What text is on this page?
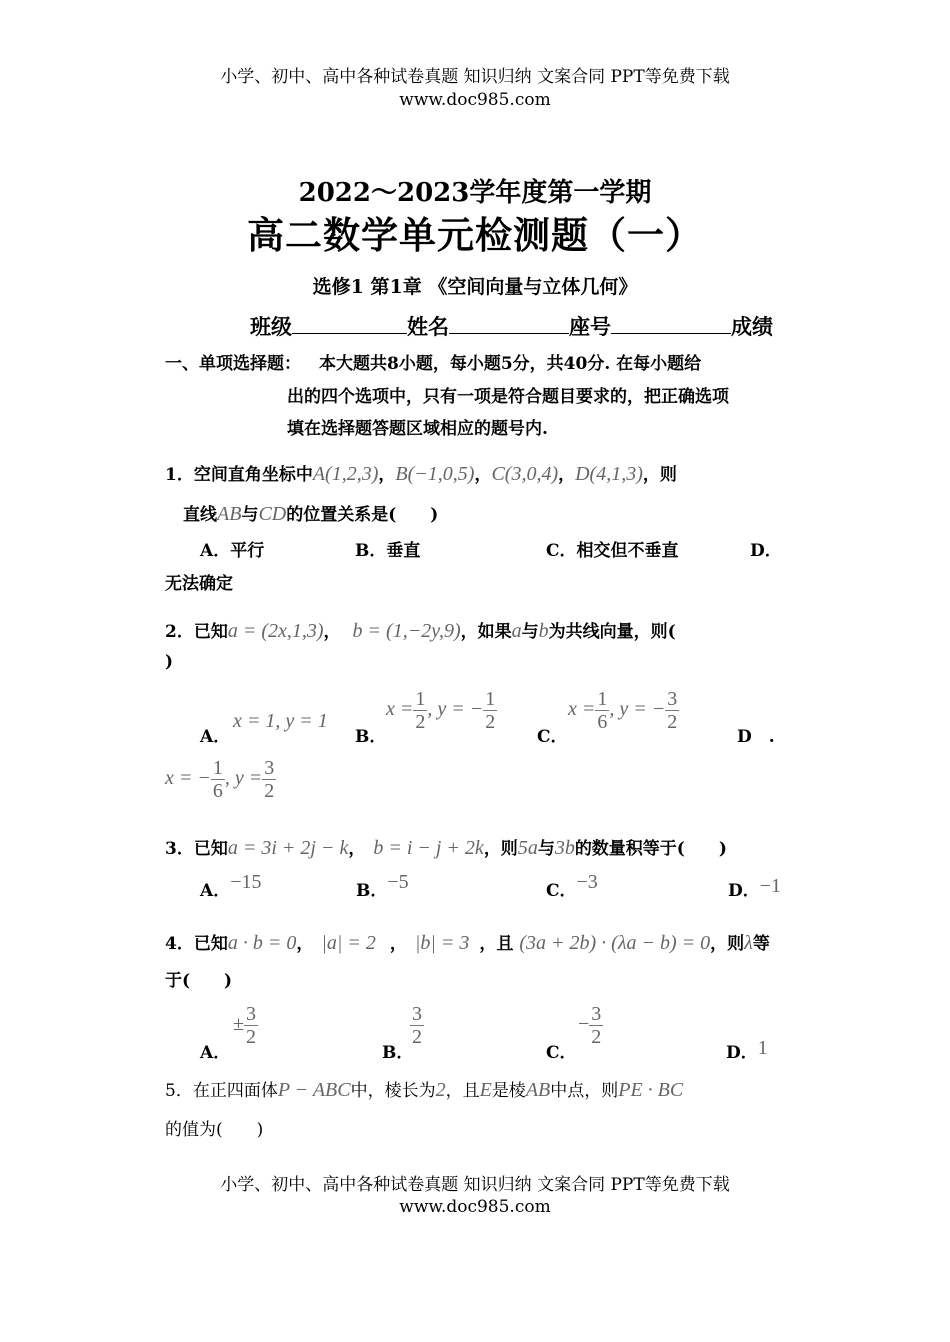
小学、初中、高中各种试卷真题 知识归纳 文案合同 PPT等免费下载
www.doc985.com
2022～2023学年度第一学期
高二数学单元检测题（一）
选修1 第1章 《空间向量与立体几何》
班级	姓名	座号	成绩
一、单项选择题： 本大题共8小题，每小题5分，共40分. 在每小题给
出的四个选项中，只有一项是符合题目要求的，把正确选项
填在选择题答题区域相应的题号内.
1．空间直角坐标中A(1,2,3)，B(−1,0,5)，C(3,0,4)，D(4,1,3)，则
直线AB与CD的位置关系是(　　)
A．平行	B．垂直	C．相交但不垂直	D．
无法确定
2．已知a = (2x,1,3)， b = (1,−2y,9)，如果a与b为共线向量，则(
)
A．
x = 1, y = 1
B．
$x = \frac{1}{2}$ , y = − $\frac{1}{2}$
C．
$x = \frac{1}{6}$ , y = − $\frac{3}{2}$
D　.
x = − $\frac{1}{6}$ , $y = \frac{3}{2}$
3．已知a = 3i + 2j − k， b = i − j + 2k，则5a与3b的数量积等于(　　)
A．−15	B．−5	C．−3	D．−1
4．已知a · b = 0， |a| = 2 ， |b| = 3 ，且 (3a + 2b) · (λa − b) = 0，则λ等
于(　　)
A．
± $\frac{3}{2}$
B．
$\frac{3}{2}$
C．
− $\frac{3}{2}$
D．1
5．在正四面体P − ABC中，棱长为2，且E是棱AB中点，则PE · BC
的值为(　　)
小学、初中、高中各种试卷真题 知识归纳 文案合同 PPT等免费下载
www.doc985.com
